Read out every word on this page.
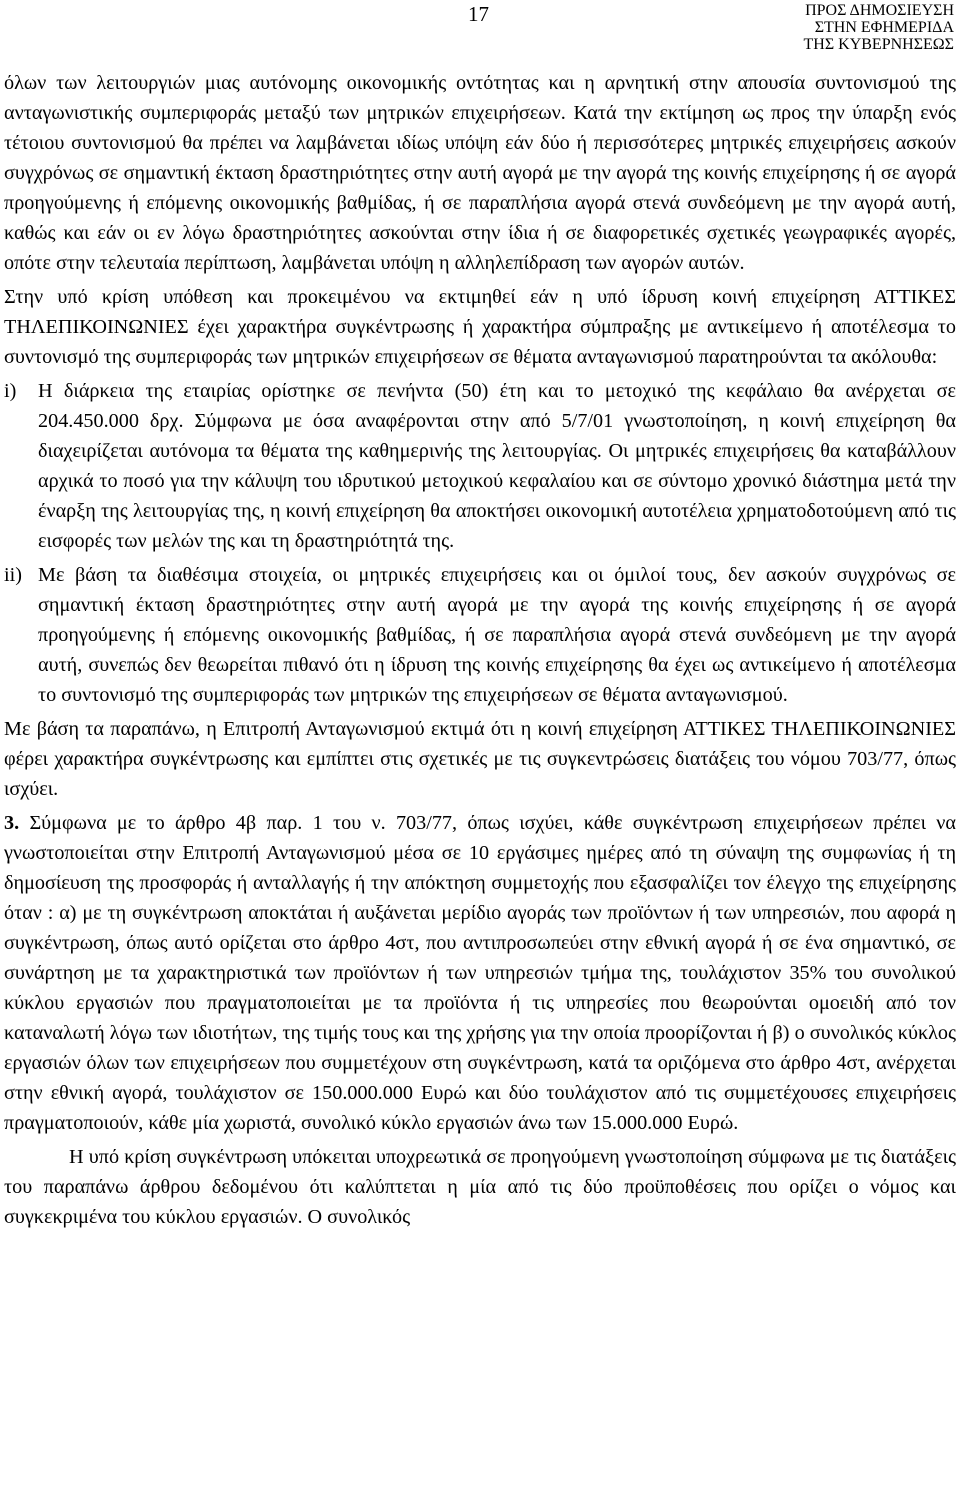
17	ΠΡΟΣ ΔΗΜΟΣΙΕΥΣΗ
ΣΤΗΝ ΕΦΗΜΕΡΙΔΑ
ΤΗΣ ΚΥΒΕΡΝΗΣΕΩΣ

όλων των λειτουργιών μιας αυτόνομης οικονομικής οντότητας και η αρνητική στην απουσία συντονισμού της ανταγωνιστικής συμπεριφοράς μεταξύ των μητρικών επιχειρήσεων. Κατά την εκτίμηση ως προς την ύπαρξη ενός τέτοιου συντονισμού θα πρέπει να λαμβάνεται ιδίως υπόψη εάν δύο ή περισσότερες μητρικές επιχειρήσεις ασκούν συγχρόνως σε σημαντική έκταση δραστηριότητες στην αυτή αγορά με την αγορά της κοινής επιχείρησης ή σε αγορά προηγούμενης ή επόμενης οικονομικής βαθμίδας, ή σε παραπλήσια αγορά στενά συνδεόμενη με την αγορά αυτή, καθώς και εάν οι εν λόγω δραστηριότητες ασκούνται στην ίδια ή σε διαφορετικές σχετικές γεωγραφικές αγορές, οπότε στην τελευταία περίπτωση, λαμβάνεται υπόψη η αλληλεπίδραση των αγορών αυτών.

Στην υπό κρίση υπόθεση και προκειμένου να εκτιμηθεί εάν η υπό ίδρυση κοινή επιχείρηση ΑΤΤΙΚΕΣ ΤΗΛΕΠΙΚΟΙΝΩΝΙΕΣ έχει χαρακτήρα συγκέντρωσης ή χαρακτήρα σύμπραξης με αντικείμενο ή αποτέλεσμα το συντονισμό της συμπεριφοράς των μητρικών επιχειρήσεων σε θέματα ανταγωνισμού παρατηρούνται τα ακόλουθα:

i) Η διάρκεια της εταιρίας ορίστηκε σε πενήντα (50) έτη και το μετοχικό της κεφάλαιο θα ανέρχεται σε 204.450.000 δρχ. Σύμφωνα με όσα αναφέρονται στην από 5/7/01 γνωστοποίηση, η κοινή επιχείρηση θα διαχειρίζεται αυτόνομα τα θέματα της καθημερινής της λειτουργίας. Οι μητρικές επιχειρήσεις θα καταβάλλουν αρχικά το ποσό για την κάλυψη του ιδρυτικού μετοχικού κεφαλαίου και σε σύντομο χρονικό διάστημα μετά την έναρξη της λειτουργίας της, η κοινή επιχείρηση θα αποκτήσει οικονομική αυτοτέλεια χρηματοδοτούμενη από τις εισφορές των μελών της και τη δραστηριότητά της.

ii) Με βάση τα διαθέσιμα στοιχεία, οι μητρικές επιχειρήσεις και οι όμιλοί τους, δεν ασκούν συγχρόνως σε σημαντική έκταση δραστηριότητες στην αυτή αγορά με την αγορά της κοινής επιχείρησης ή σε αγορά προηγούμενης ή επόμενης οικονομικής βαθμίδας, ή σε παραπλήσια αγορά στενά συνδεόμενη με την αγορά αυτή, συνεπώς δεν θεωρείται πιθανό ότι η ίδρυση της κοινής επιχείρησης θα έχει ως αντικείμενο ή αποτέλεσμα το συντονισμό της συμπεριφοράς των μητρικών της επιχειρήσεων σε θέματα ανταγωνισμού.

Με βάση τα παραπάνω, η Επιτροπή Ανταγωνισμού εκτιμά ότι η κοινή επιχείρηση ΑΤΤΙΚΕΣ ΤΗΛΕΠΙΚΟΙΝΩΝΙΕΣ φέρει χαρακτήρα συγκέντρωσης και εμπίπτει στις σχετικές με τις συγκεντρώσεις διατάξεις του νόμου 703/77, όπως ισχύει.

3. Σύμφωνα με το άρθρο 4β παρ. 1 του ν. 703/77, όπως ισχύει, κάθε συγκέντρωση επιχειρήσεων πρέπει να γνωστοποιείται στην Επιτροπή Ανταγωνισμού μέσα σε 10 εργάσιμες ημέρες από τη σύναψη της συμφωνίας ή τη δημοσίευση της προσφοράς ή ανταλλαγής ή την απόκτηση συμμετοχής που εξασφαλίζει τον έλεγχο της επιχείρησης όταν : α) με τη συγκέντρωση αποκτάται ή αυξάνεται μερίδιο αγοράς των προϊόντων ή των υπηρεσιών, που αφορά η συγκέντρωση, όπως αυτό ορίζεται στο άρθρο 4στ, που αντιπροσωπεύει στην εθνική αγορά ή σε ένα σημαντικό, σε συνάρτηση με τα χαρακτηριστικά των προϊόντων ή των υπηρεσιών τμήμα της, τουλάχιστον 35% του συνολικού κύκλου εργασιών που πραγματοποιείται με τα προϊόντα ή τις υπηρεσίες που θεωρούνται ομοειδή από τον καταναλωτή λόγω των ιδιοτήτων, της τιμής τους και της χρήσης για την οποία προορίζονται ή β) ο συνολικός κύκλος εργασιών όλων των επιχειρήσεων που συμμετέχουν στη συγκέντρωση, κατά τα οριζόμενα στο άρθρο 4στ, ανέρχεται στην εθνική αγορά, τουλάχιστον σε 150.000.000 Ευρώ και δύο τουλάχιστον από τις συμμετέχουσες επιχειρήσεις πραγματοποιούν, κάθε μία χωριστά, συνολικό κύκλο εργασιών άνω των 15.000.000 Ευρώ.

Η υπό κρίση συγκέντρωση υπόκειται υποχρεωτικά σε προηγούμενη γνωστοποίηση σύμφωνα με τις διατάξεις του παραπάνω άρθρου δεδομένου ότι καλύπτεται η μία από τις δύο προϋποθέσεις που ορίζει ο νόμος και συγκεκριμένα του κύκλου εργασιών. Ο συνολικός
